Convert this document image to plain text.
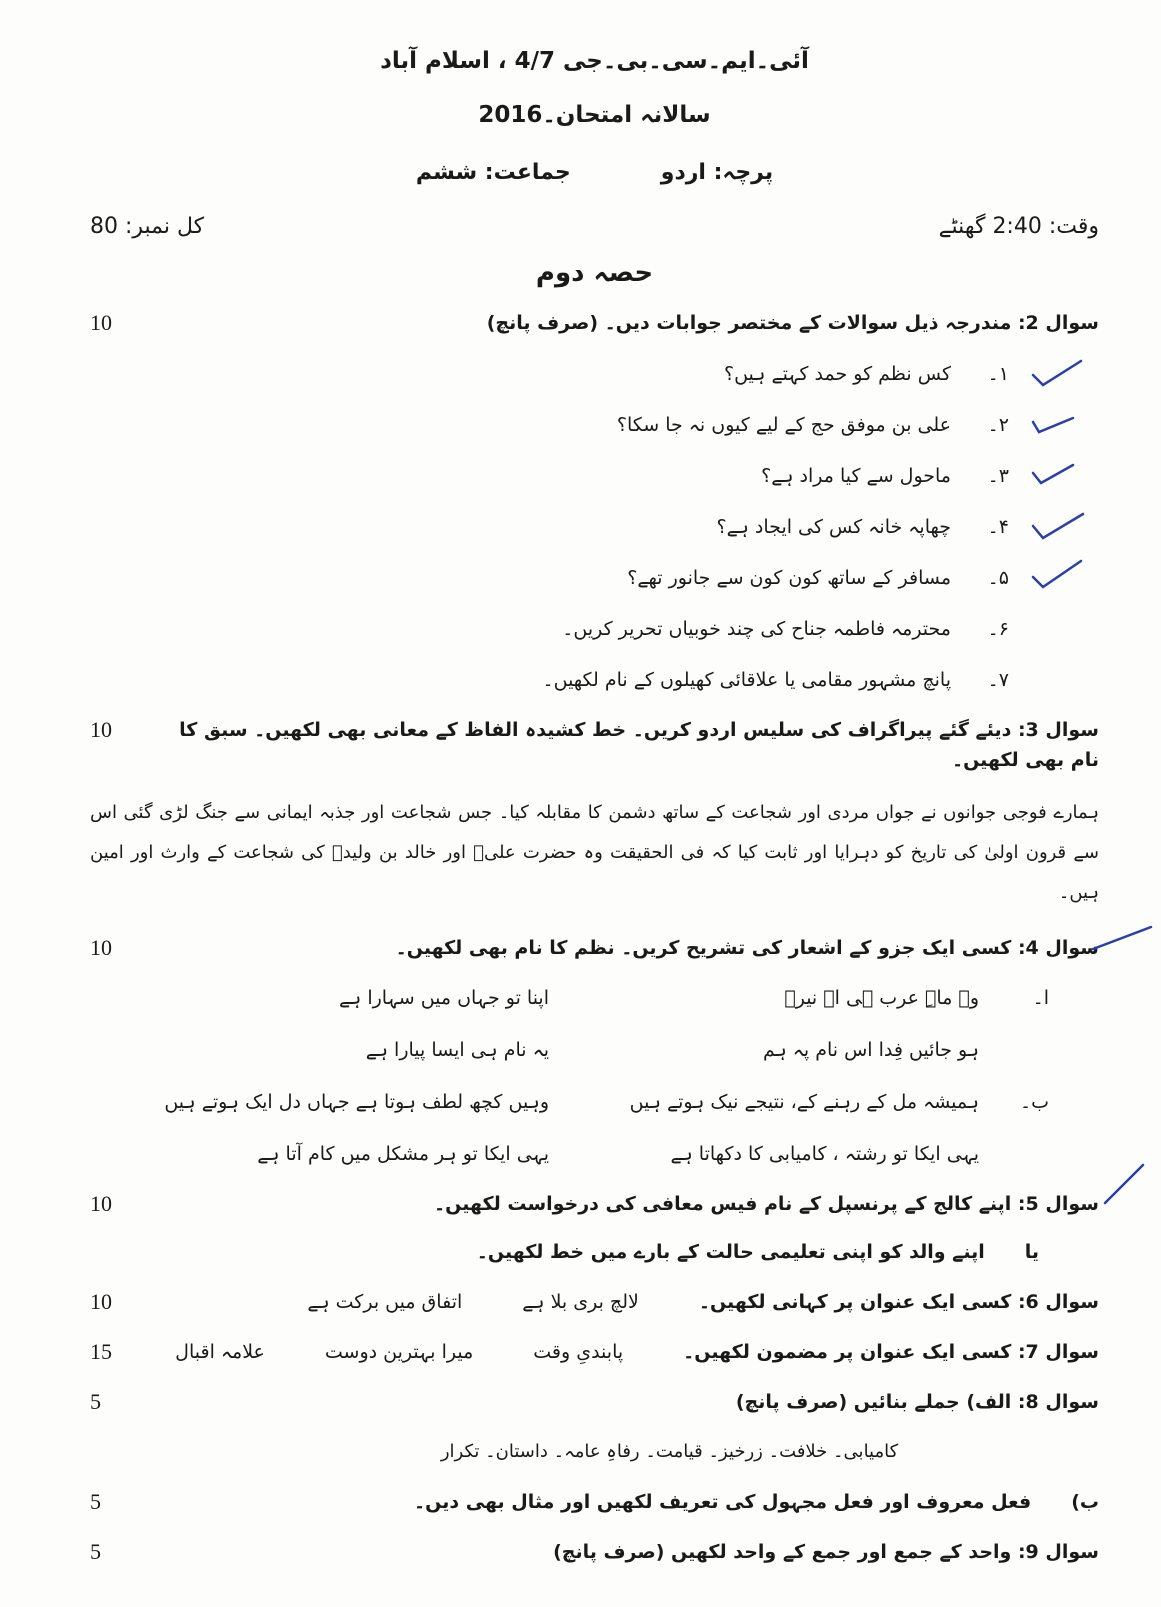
آئی۔ایم۔سی۔بی۔جی 4/7 ، اسلام آباد
سالانہ امتحان۔2016
پرچہ: اردو
جماعت: ششم
وقت: 2:40 گھنٹے
کل نمبر: 80
حصہ دوم
سوال 2: مندرجہ ذیل سوالات کے مختصر جوابات دیں۔ (صرف پانچ)
10
۱۔
کس نظم کو حمد کہتے ہیں؟
۲۔
علی بن موفق حج کے لیے کیوں نہ جا سکا؟
۳۔
ماحول سے کیا مراد ہے؟
۴۔
چھاپہ خانہ کس کی ایجاد ہے؟
۵۔
مسافر کے ساتھ کون کون سے جانور تھے؟
۶۔
محترمہ فاطمہ جناح کی چند خوبیاں تحریر کریں۔
۷۔
پانچ مشہور مقامی یا علاقائی کھیلوں کے نام لکھیں۔
سوال 3: دیئے گئے پیراگراف کی سلیس اردو کریں۔ خط کشیدہ الفاظ کے معانی بھی لکھیں۔ سبق کا نام بھی لکھیں۔
10
ہمارے فوجی جوانوں نے جواں مردی اور شجاعت کے ساتھ دشمن کا مقابلہ کیا۔ جس شجاعت اور جذبہ ایمانی سے جنگ لڑی گئی اس سے قرون اولیٰ کی تاریخ کو دہرایا اور ثابت کیا کہ فی الحقیقت وہ حضرت علیؓ اور خالد بن ولیدؓ کی شجاعت کے وارث اور امین ہیں۔
سوال 4: کسی ایک جزو کے اشعار کی تشریح کریں۔ نظم کا نام بھی لکھیں۔
10
ا۔
وہ ماہِ عرب ہی اے نیرؔ
اپنا تو جہاں میں سہارا ہے
ہو جائیں فِدا اس نام پہ ہم
یہ نام ہی ایسا پیارا ہے
ب۔
ہمیشہ مل کے رہنے کے، نتیجے نیک ہوتے ہیں
وہیں کچھ لطف ہوتا ہے جہاں دل ایک ہوتے ہیں
یہی ایکا تو رشتہ ، کامیابی کا دکھاتا ہے
یہی ایکا تو ہر مشکل میں کام آتا ہے
سوال 5: اپنے کالج کے پرنسپل کے نام فیس معافی کی درخواست لکھیں۔
10
یا
اپنے والد کو اپنی تعلیمی حالت کے بارے میں خط لکھیں۔
سوال 6: کسی ایک عنوان پر کہانی لکھیں۔
لالچ بری بلا ہے
اتفاق میں برکت ہے
10
سوال 7: کسی ایک عنوان پر مضمون لکھیں۔
پابندیِ وقت
میرا بہترین دوست
علامہ اقبال
15
سوال 8: الف) جملے بنائیں (صرف پانچ)
5
کامیابی۔ خلافت۔ زرخیز۔ قیامت۔ رفاہِ عامہ۔ داستان۔ تکرار
ب)
فعل معروف اور فعل مجہول کی تعریف لکھیں اور مثال بھی دیں۔
5
سوال 9: واحد کے جمع اور جمع کے واحد لکھیں (صرف پانچ)
5
